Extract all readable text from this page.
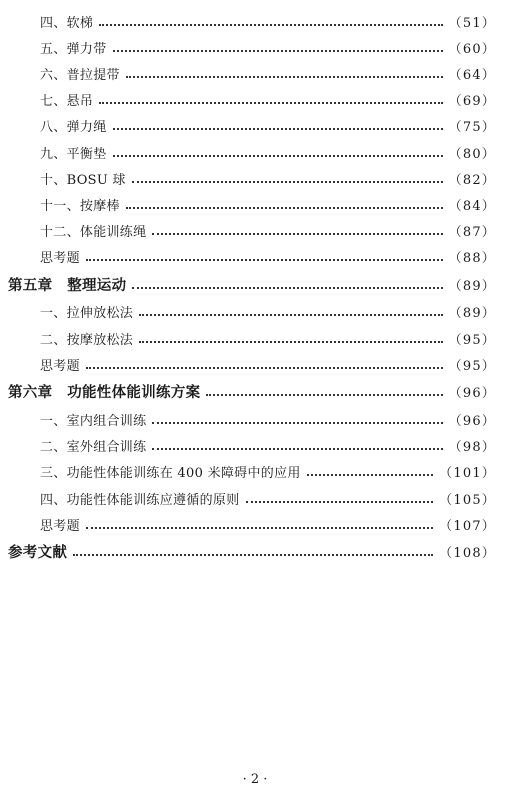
四、软梯	（51）
五、弹力带	（60）
六、普拉提带	（64）
七、悬吊	（69）
八、弹力绳	（75）
九、平衡垫	（80）
十、BOSU 球	（82）
十一、按摩棒	（84）
十二、体能训练绳	（87）
思考题	（88）
第五章　整理运动	（89）
一、拉伸放松法	（89）
二、按摩放松法	（95）
思考题	（95）
第六章　功能性体能训练方案	（96）
一、室内组合训练	（96）
二、室外组合训练	（98）
三、功能性体能训练在 400 米障碍中的应用	（101）
四、功能性体能训练应遵循的原则	（105）
思考题	（107）
参考文献	（108）
· 2 ·
